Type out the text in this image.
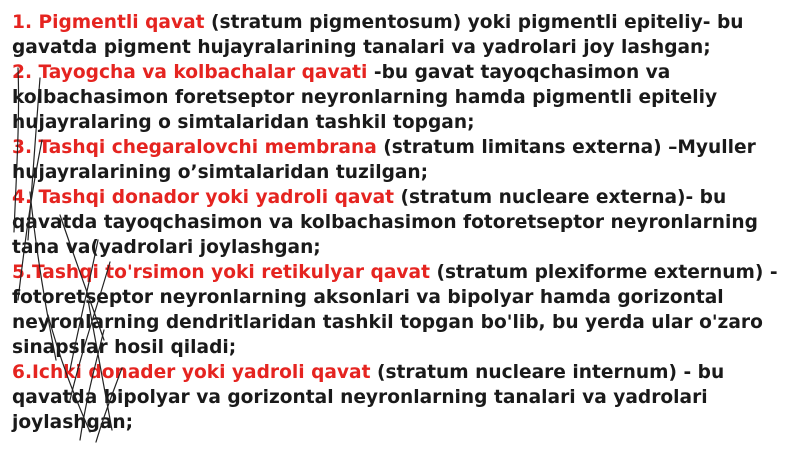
1. Pigmentli qavat (stratum pigmentosum) yoki pigmentli epiteliy- bu gavatda pigment hujayralarining tanalari va yadrolari joy lashgan;

2. Tayogcha va kolbachalar qavati -bu gavat tayoqchasimon va kolbachasimon foretseptor neyronlarning hamda pigmentli epiteliy hujayralaring o simtalaridan tashkil topgan;

3. Tashqi chegaralovchi membrana (stratum limitans externa) –Myuller hujayralarining o’simtalaridan tuzilgan;

4. Tashqi donador yoki yadroli qavat (stratum nucleare externa)- bu qavatda tayoqchasimon va kolbachasimon fotoretseptor neyronlarning tana va(yadrolari joylashgan;

5.Tashqi to'rsimon yoki retikulyar qavat (stratum plexiforme externum) - fotoretseptor neyronlarning aksonlari va bipolyar hamda gorizontal neyronlarning dendritlaridan tashkil topgan bo'lib, bu yerda ular o'zaro sinapslar hosil qiladi;

6.Ichki donader yoki yadroli qavat (stratum nucleare internum) - bu qavatda bipolyar va gorizontal neyronlarning tanalari va yadrolari joylashgan;
